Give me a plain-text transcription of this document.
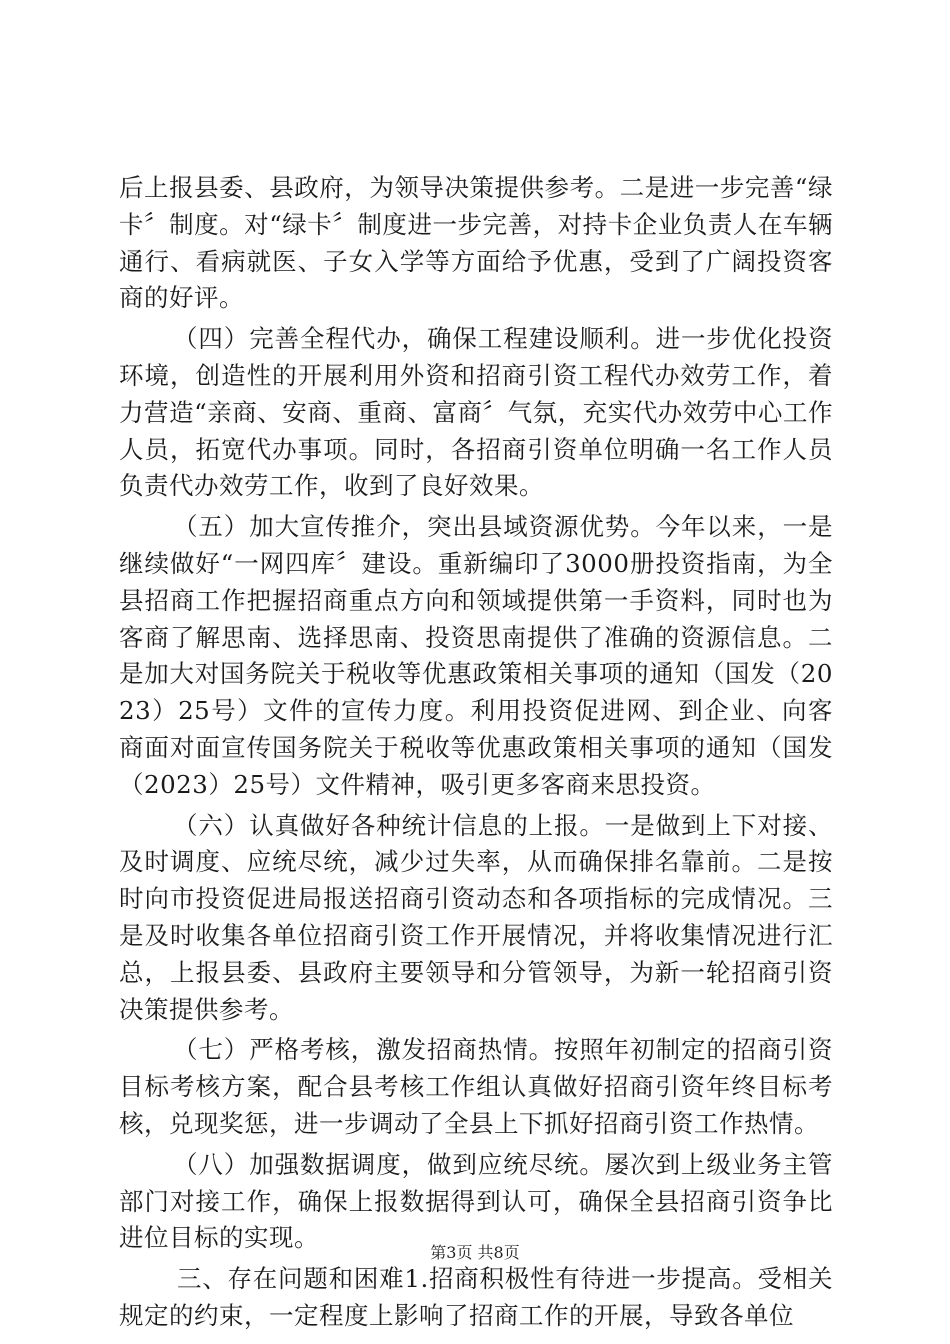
后上报县委、县政府，为领导决策提供参考。二是进一步完善“绿卡〞制度。对“绿卡〞制度进一步完善，对持卡企业负责人在车辆通行、看病就医、子女入学等方面给予优惠，受到了广阔投资客商的好评。

（四）完善全程代办，确保工程建设顺利。进一步优化投资环境，创造性的开展利用外资和招商引资工程代办效劳工作，着力营造“亲商、安商、重商、富商〞气氛，充实代办效劳中心工作人员，拓宽代办事项。同时，各招商引资单位明确一名工作人员负责代办效劳工作，收到了良好效果。

（五）加大宣传推介，突出县域资源优势。今年以来，一是继续做好“一网四库〞建设。重新编印了3000册投资指南，为全县招商工作把握招商重点方向和领域提供第一手资料，同时也为客商了解思南、选择思南、投资思南提供了准确的资源信息。二是加大对国务院关于税收等优惠政策相关事项的通知（国发（2023）25号）文件的宣传力度。利用投资促进网、到企业、向客商面对面宣传国务院关于税收等优惠政策相关事项的通知（国发（2023）25号）文件精神，吸引更多客商来思投资。

（六）认真做好各种统计信息的上报。一是做到上下对接、及时调度、应统尽统，减少过失率，从而确保排名靠前。二是按时向市投资促进局报送招商引资动态和各项指标的完成情况。三是及时收集各单位招商引资工作开展情况，并将收集情况进行汇总，上报县委、县政府主要领导和分管领导，为新一轮招商引资决策提供参考。

（七）严格考核，激发招商热情。按照年初制定的招商引资目标考核方案，配合县考核工作组认真做好招商引资年终目标考核，兑现奖惩，进一步调动了全县上下抓好招商引资工作热情。

（八）加强数据调度，做到应统尽统。屡次到上级业务主管部门对接工作，确保上报数据得到认可，确保全县招商引资争比进位目标的实现。

三、存在问题和困难1.招商积极性有待进一步提高。受相关规定的约束，一定程度上影响了招商工作的开展，导致各单位

第3页 共8页
